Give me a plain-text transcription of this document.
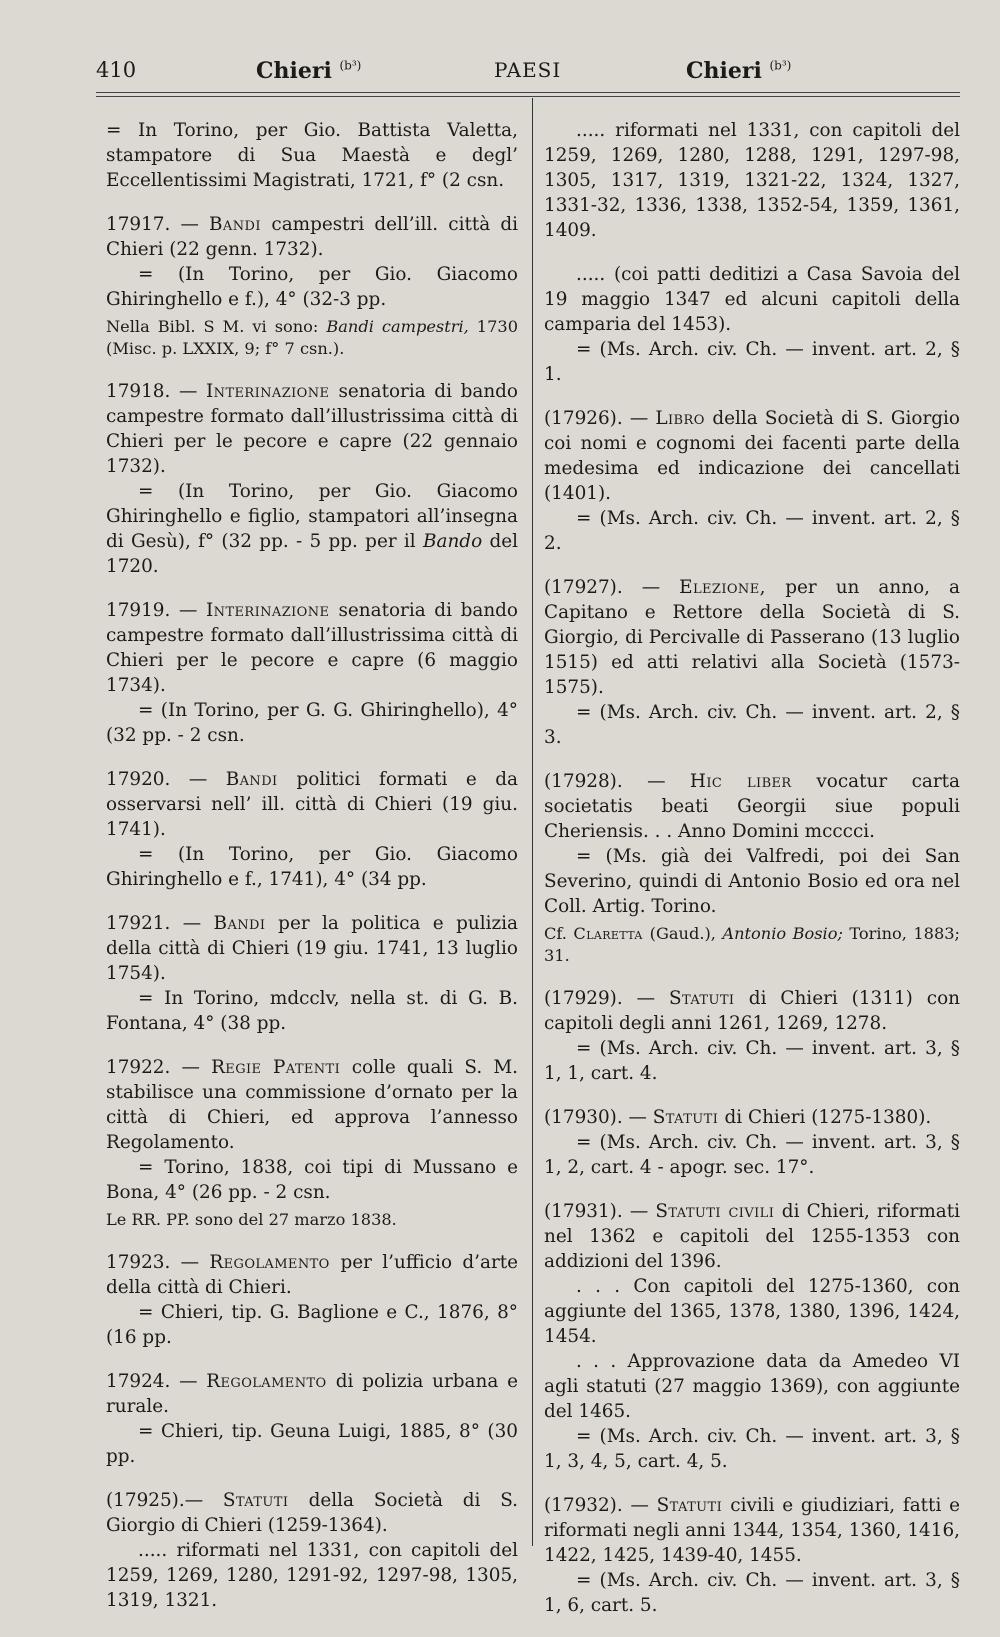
410	Chieri $^{(b^3)}$	PAESI	Chieri $^{(b^3)}$

= In Torino, per Gio. Battista Valetta, stampatore di Sua Maestà e degl’ Eccellentissimi Magistrati, 1721, f° (2 csn.

17917. — Bandi campestri dell’ill. città di Chieri (22 genn. 1732).

= (In Torino, per Gio. Giacomo Ghiringhello e f.), 4° (32-3 pp.

Nella Bibl. S M. vi sono: Bandi campestri, 1730 (Misc. p. LXXIX, 9; f° 7 csn.).

17918. — Interinazione senatoria di bando campestre formato dall’illustrissima città di Chieri per le pecore e capre (22 gennaio 1732).

= (In Torino, per Gio. Giacomo Ghiringhello e figlio, stampatori all’insegna di Gesù), f° (32 pp. - 5 pp. per il Bando del 1720.

17919. — Interinazione senatoria di bando campestre formato dall’illustrissima città di Chieri per le pecore e capre (6 maggio 1734).

= (In Torino, per G. G. Ghiringhello), 4° (32 pp. - 2 csn.

17920. — Bandi politici formati e da osservarsi nell’ ill. città di Chieri (19 giu. 1741).

= (In Torino, per Gio. Giacomo Ghiringhello e f., 1741), 4° (34 pp.

17921. — Bandi per la politica e pulizia della città di Chieri (19 giu. 1741, 13 luglio 1754).

= In Torino, mdccl​v, nella st. di G. B. Fontana, 4° (38 pp.

17922. — Regie Patenti colle quali S. M. stabilisce una commissione d’ornato per la città di Chieri, ed approva l’annesso Regolamento.

= Torino, 1838, coi tipi di Mussano e Bona, 4° (26 pp. - 2 csn.

Le RR. PP. sono del 27 marzo 1838.

17923. — Regolamento per l’ufficio d’arte della città di Chieri.

= Chieri, tip. G. Baglione e C., 1876, 8° (16 pp.

17924. — Regolamento di polizia urbana e rurale.

= Chieri, tip. Geuna Luigi, 1885, 8° (30 pp.

(17925).— Statuti della Società di S. Giorgio di Chieri (1259-1364).

..... riformati nel 1331, con capitoli del 1259, 1269, 1280, 1291-92, 1297-98, 1305, 1319, 1321.

..... riformati nel 1331, con capitoli del 1259, 1269, 1280, 1288, 1291, 1297-98, 1305, 1317, 1319, 1321-22, 1324, 1327, 1331-32, 1336, 1338, 1352-54, 1359, 1361, 1409.

..... (coi patti deditizi a Casa Savoia del 19 maggio 1347 ed alcuni capitoli della camparia del 1453).

= (Ms. Arch. civ. Ch. — invent. art. 2, § 1.

(17926). — Libro della Società di S. Giorgio coi nomi e cognomi dei facenti parte della medesima ed indicazione dei cancellati (1401).

= (Ms. Arch. civ. Ch. — invent. art. 2, § 2.

(17927). — Elezione, per un anno, a Capitano e Rettore della Società di S. Giorgio, di Percivalle di Passerano (13 luglio 1515) ed atti relativi alla Società (1573-1575).

= (Ms. Arch. civ. Ch. — invent. art. 2, § 3.

(17928). — Hic liber vocatur carta societatis beati Georgii siue populi Cheriensis. . . Anno Domini mcccci.

= (Ms. già dei Valfredi, poi dei San Severino, quindi di Antonio Bosio ed ora nel Coll. Artig. Torino.

Cf. Claretta (Gaud.), Antonio Bosio; Torino, 1883; 31.

(17929). — Statuti di Chieri (1311) con capitoli degli anni 1261, 1269, 1278.

= (Ms. Arch. civ. Ch. — invent. art. 3, § 1, 1, cart. 4.

(17930). — Statuti di Chieri (1275-1380).

= (Ms. Arch. civ. Ch. — invent. art. 3, § 1, 2, cart. 4 - apogr. sec. 17°.

(17931). — Statuti civili di Chieri, riformati nel 1362 e capitoli del 1255-1353 con addizioni del 1396.

. . . Con capitoli del 1275-1360, con aggiunte del 1365, 1378, 1380, 1396, 1424, 1454.

. . . Approvazione data da Amedeo VI agli statuti (27 maggio 1369), con aggiunte del 1465.

= (Ms. Arch. civ. Ch. — invent. art. 3, § 1, 3, 4, 5, cart. 4, 5.

(17932). — Statuti civili e giudiziari, fatti e riformati negli anni 1344, 1354, 1360, 1416, 1422, 1425, 1439-40, 1455.

= (Ms. Arch. civ. Ch. — invent. art. 3, § 1, 6, cart. 5.
